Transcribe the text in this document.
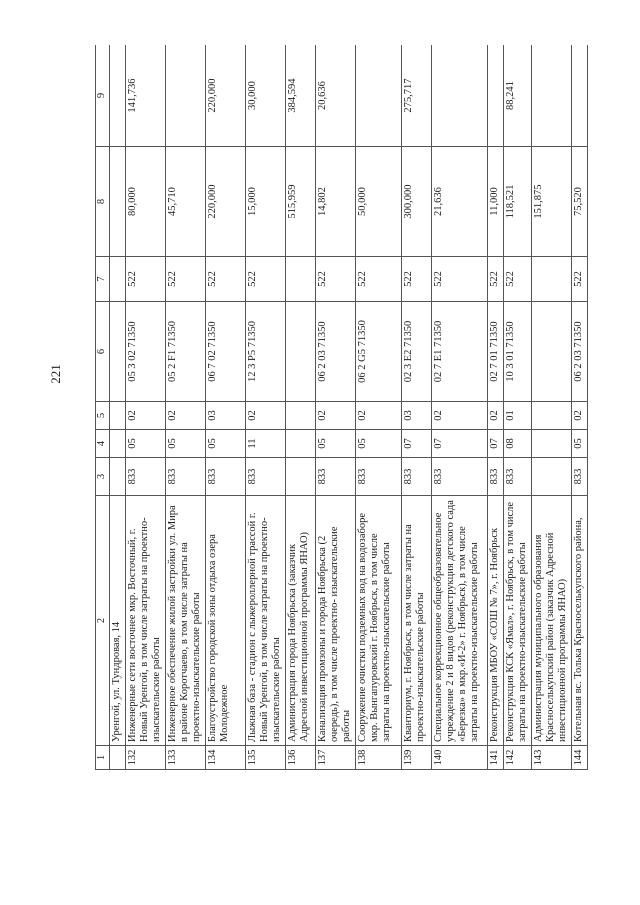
221
1	2	3	4	5	6	7	8	9
	Уренгой, ул. Тундровая, 14							
132	Инженерные сети восточнее мкр. Восточный, г. Новый Уренгой, в том числе затраты на проектно-изыскательские работы	833	05	02	05 3 02 71350	522	80,000	141,736
133	Инженерное обеспечение жилой застройки ул. Мира в районе Коротчаево, в том числе затраты на проектно-изыскательские работы	833	05	02	05 2 F1 71350	522	45,710	
134	Благоустройство городской зоны отдыха озера Молодежное	833	05	03	06 7 02 71350	522	220,000	220,000
135	Лыжная база - стадион с лыжероллерной трассой г. Новый Уренгой, в том числе затраты на проектно-изыскательские работы	833	11	02	12 3 P5 71350	522	15,000	30,000
136	Администрация города Ноябрьска (заказчик Адресной инвестиционной программы ЯНАО)						515,959	384,594
137	Канализация промзоны и города Ноябрьска (2 очередь), в том числе проектно- изыскательские работы	833	05	02	06 2 03 71350	522	14,802	20,636
138	Сооружение очистки подземных вод на водозаборе мкр. Вынгапуровский г. Ноябрьск, в том числе затраты на проектно-изыскательские работы	833	05	02	06 2 G5 71350	522	50,000	
139	Кванториум, г. Ноябрьск, в том числе затраты на проектно-изыскательские работы	833	07	03	02 3 E2 71350	522	300,000	275,717
140	Специальное коррекционное общеобразовательное учреждение 2 и 8 видов (реконструкция детского сада «Березка» в мкр.«И-2» г. Ноябрьск), в том числе затраты на проектно-изыскательские работы	833	07	02	02 7 E1 71350	522	21,636	
141	Реконструкция МБОУ «СОШ № 7», г. Ноябрьск	833	07	02	02 7 01 71350	522	11,000	
142	Реконструкция КСК «Ямал», г. Ноябрьск, в том числе затраты на проектно-изыскательские работы	833	08	01	10 3 01 71350	522	118,521	88,241
143	Администрация муниципального образования Красноселькупский район (заказчик Адресной инвестиционной программы ЯНАО)						151,875	
144	Котельная вс. Толька Красноселькупского района,	833	05	02	06 2 03 71350	522	75,520	
